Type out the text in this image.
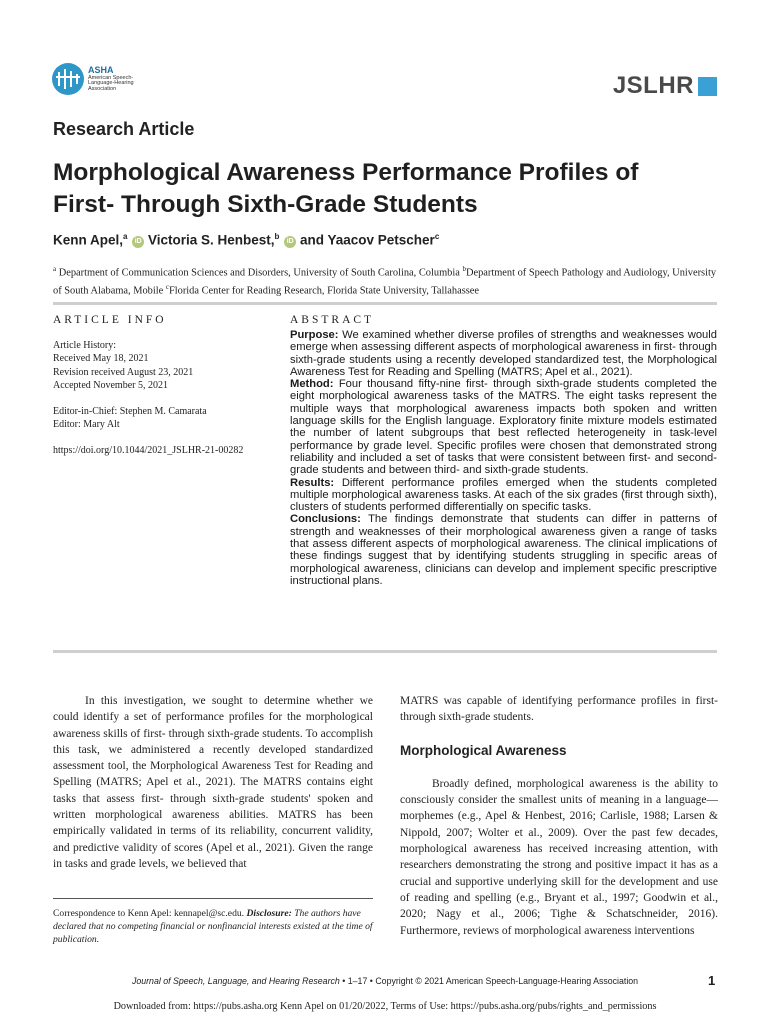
ASHA
American Speech-Language-Hearing Association	JSLHR
Research Article
Morphological Awareness Performance Profiles of First- Through Sixth-Grade Students
Kenn Apel,$^a$ iD Victoria S. Henbest,$^b$ iD and Yaacov Petscher$^c$
$^a$ Department of Communication Sciences and Disorders, University of South Carolina, Columbia $^b$Department of Speech Pathology and Audiology, University of South Alabama, Mobile $^c$Florida Center for Reading Research, Florida State University, Tallahassee
ARTICLE INFO
Article History:
Received May 18, 2021
Revision received August 23, 2021
Accepted November 5, 2021
Editor-in-Chief: Stephen M. Camarata
Editor: Mary Alt
https://doi.org/10.1044/2021_JSLHR-21-00282
ABSTRACT

Purpose: We examined whether diverse profiles of strengths and weaknesses would emerge when assessing different aspects of morphological awareness in first- through sixth-grade students using a recently developed standardized test, the Morphological Awareness Test for Reading and Spelling (MATRS; Apel et al., 2021).

Method: Four thousand fifty-nine first- through sixth-grade students completed the eight morphological awareness tasks of the MATRS. The eight tasks represent the multiple ways that morphological awareness impacts both spoken and written language skills for the English language. Exploratory finite mixture models estimated the number of latent subgroups that best reflected heterogeneity in task-level performance by grade level. Specific profiles were chosen that demonstrated strong reliability and included a set of tasks that were consistent between first- and second-grade students and between third- and sixth-grade students.

Results: Different performance profiles emerged when the students completed multiple morphological awareness tasks. At each of the six grades (first through sixth), clusters of students performed differentially on specific tasks.

Conclusions: The findings demonstrate that students can differ in patterns of strength and weaknesses of their morphological awareness given a range of tasks that assess different aspects of morphological awareness. The clinical implications of these findings suggest that by identifying students struggling in specific areas of morphological awareness, clinicians can develop and implement specific prescriptive instructional plans.

In this investigation, we sought to determine whether we could identify a set of performance profiles for the morphological awareness skills of first- through sixth-grade students. To accomplish this task, we administered a recently developed standardized assessment tool, the Morphological Awareness Test for Reading and Spelling (MATRS; Apel et al., 2021). The MATRS contains eight tasks that assess first- through sixth-grade students' spoken and written morphological awareness abilities. MATRS has been empirically validated in terms of its reliability, concurrent validity, and predictive validity of scores (Apel et al., 2021). Given the range in tasks and grade levels, we believed that

MATRS was capable of identifying performance profiles in first- through sixth-grade students.

Morphological Awareness

Broadly defined, morphological awareness is the ability to consciously consider the smallest units of meaning in a language—morphemes (e.g., Apel & Henbest, 2016; Carlisle, 1988; Larsen & Nippold, 2007; Wolter et al., 2009). Over the past few decades, morphological awareness has received increasing attention, with researchers demonstrating the strong and positive impact it has as a crucial and supportive underlying skill for the development and use of reading and spelling (e.g., Bryant et al., 1997; Goodwin et al., 2020; Nagy et al., 2006; Tighe & Schatschneider, 2016). Furthermore, reviews of morphological awareness interventions

Correspondence to Kenn Apel: kennapel@sc.edu. Disclosure: The authors have declared that no competing financial or nonfinancial interests existed at the time of publication.
Journal of Speech, Language, and Hearing Research • 1–17 • Copyright © 2021 American Speech-Language-Hearing Association	1
Downloaded from: https://pubs.asha.org Kenn Apel on 01/20/2022, Terms of Use: https://pubs.asha.org/pubs/rights_and_permissions
